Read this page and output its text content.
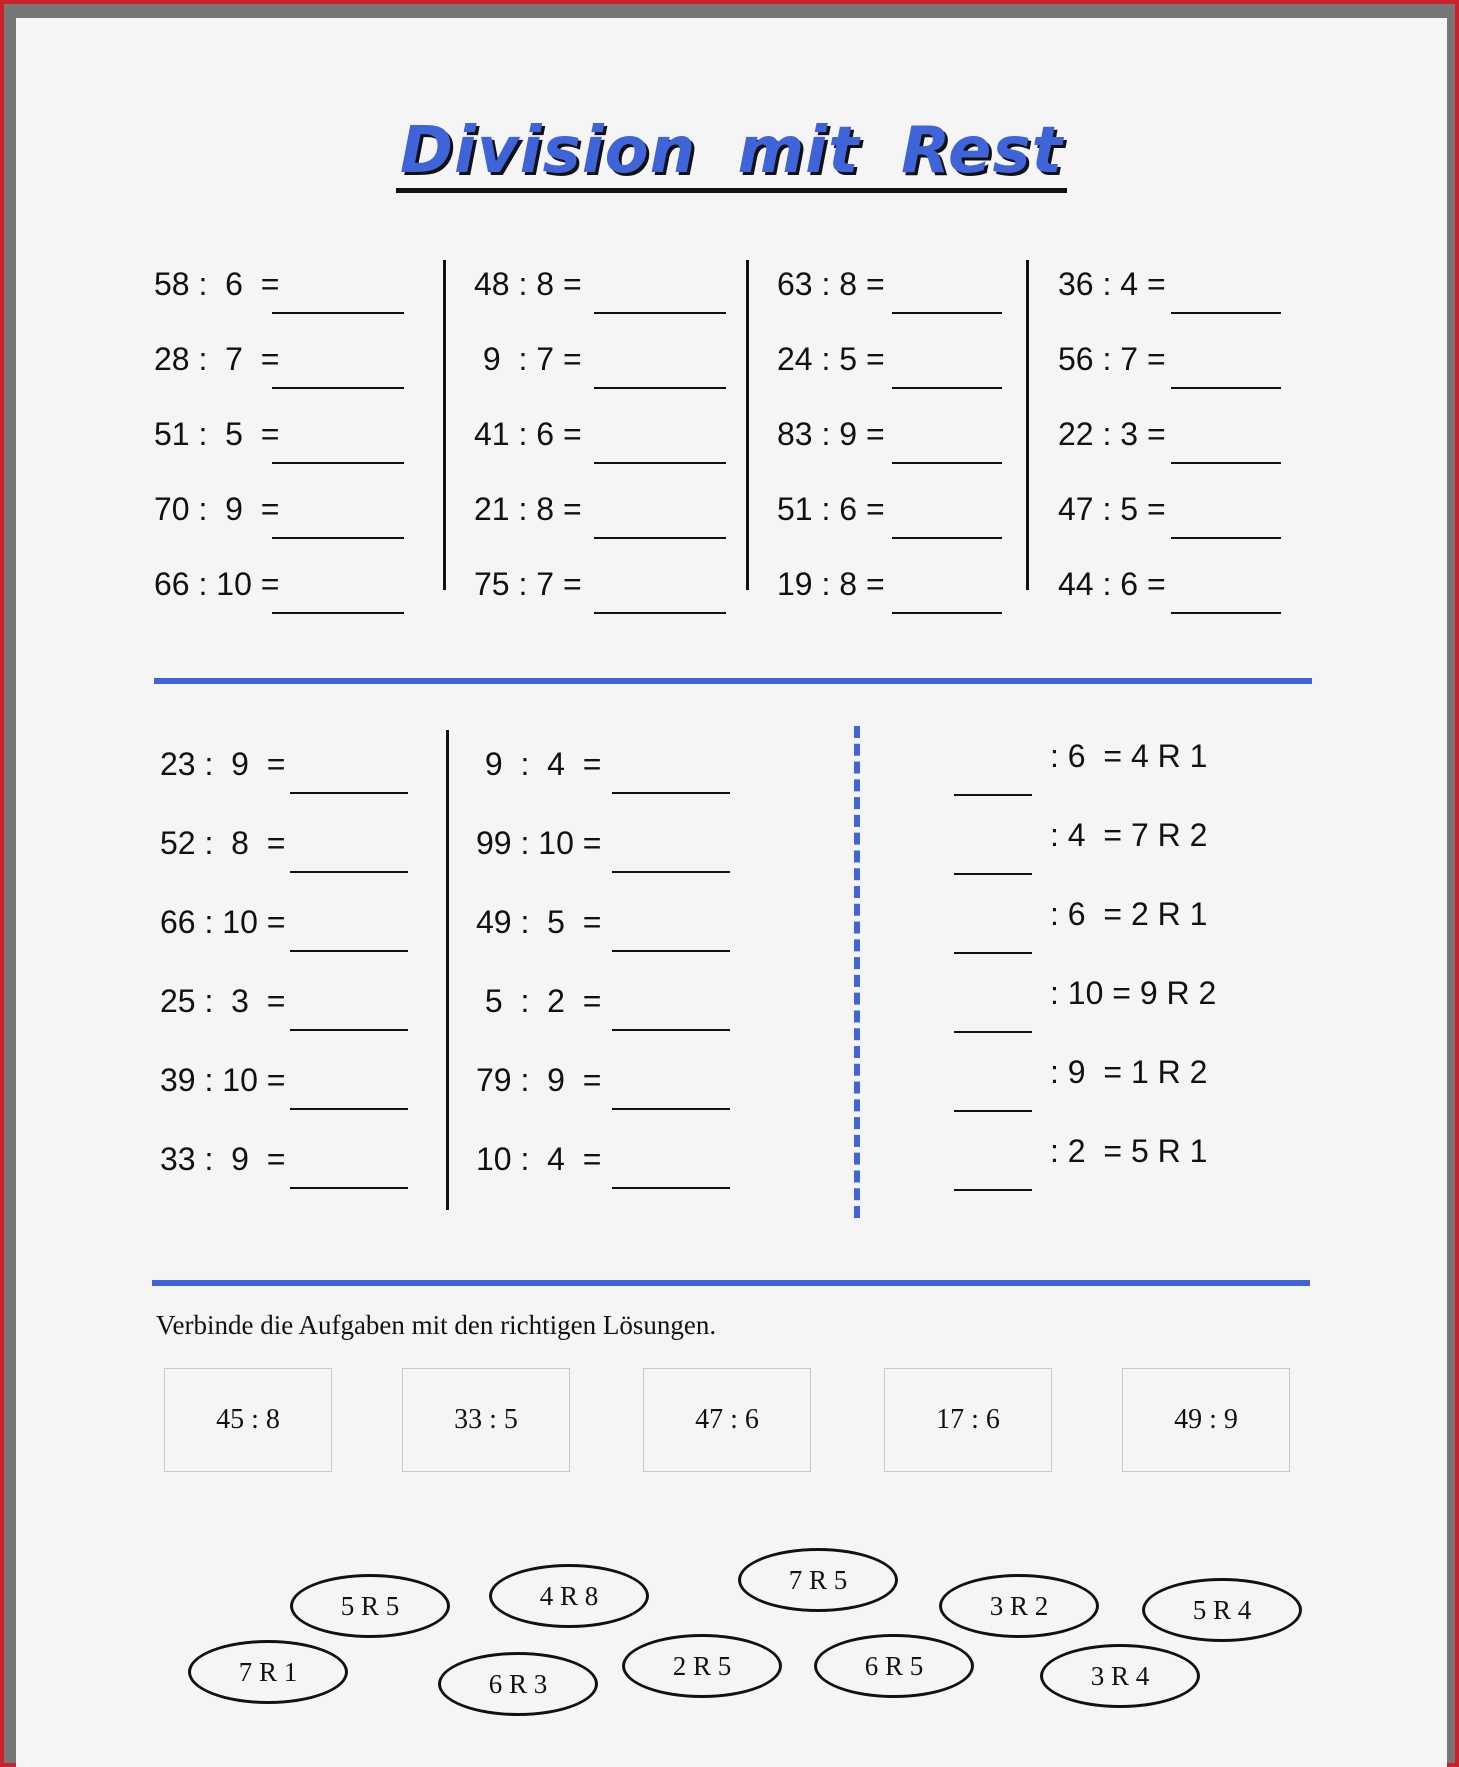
Division mit Rest
Verbinde die Aufgaben mit den richtigen Lösungen.
58 :  6  =
28 :  7  =
51 :  5  =
70 :  9  =
66 : 10 =
48 : 8 =
9  : 7 =
41 : 6 =
21 : 8 =
75 : 7 =
63 : 8 =
24 : 5 =
83 : 9 =
51 : 6 =
19 : 8 =
36 : 4 =
56 : 7 =
22 : 3 =
47 : 5 =
44 : 6 =
23 :  9  =
52 :  8  =
66 : 10 =
25 :  3  =
39 : 10 =
33 :  9  =
9  :  4  =
99 : 10 =
49 :  5  =
5  :  2  =
79 :  9  =
10 :  4  =
: 6  = 4 R 1
: 4  = 7 R 2
: 6  = 2 R 1
: 10 = 9 R 2
: 9  = 1 R 2
: 2  = 5 R 1
45 : 8	33 : 5	47 : 6	17 : 6	49 : 9
5 R 5	4 R 8
7 R 5
3 R 2	5 R 4
7 R 1	6 R 3
2 R 5	6 R 5	3 R 4
